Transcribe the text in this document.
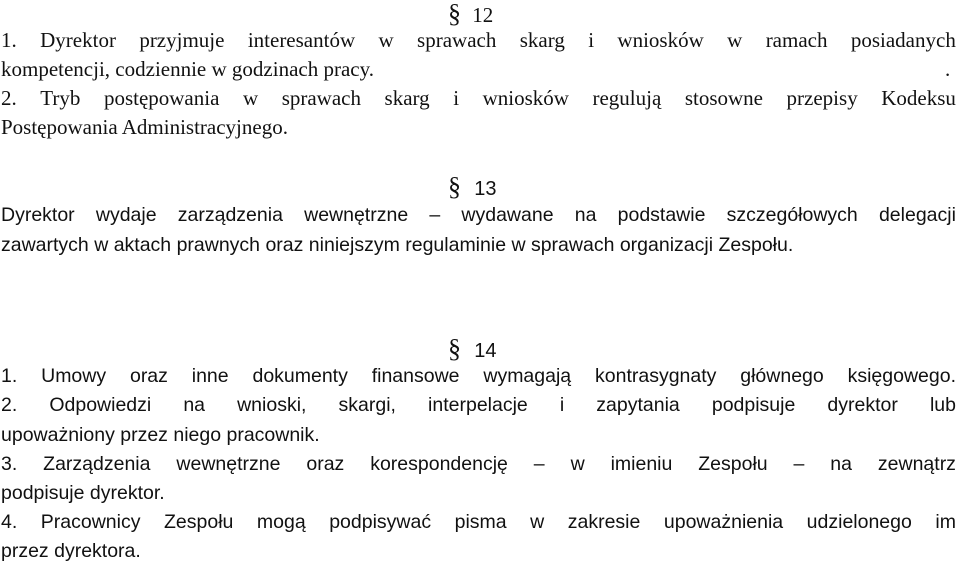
§ 12
1. Dyrektor przyjmuje interesantów w sprawach skarg i wniosków w ramach posiadanych
kompetencji, codziennie w godzinach pracy.	.
2. Tryb postępowania w sprawach skarg i wniosków regulują stosowne przepisy Kodeksu
Postępowania Administracyjnego.
§ 13
Dyrektor wydaje zarządzenia wewnętrzne – wydawane na podstawie szczegółowych delegacji
zawartych w aktach prawnych oraz niniejszym regulaminie w sprawach organizacji Zespołu.
§ 14
1. Umowy oraz inne dokumenty finansowe wymagają kontrasygnaty głównego księgowego.
2. Odpowiedzi na wnioski, skargi, interpelacje i zapytania podpisuje dyrektor lub
upoważniony przez niego pracownik.
3. Zarządzenia wewnętrzne oraz korespondencję – w imieniu Zespołu – na zewnątrz
podpisuje dyrektor.
4. Pracownicy Zespołu mogą podpisywać pisma w zakresie upoważnienia udzielonego im
przez dyrektora.
